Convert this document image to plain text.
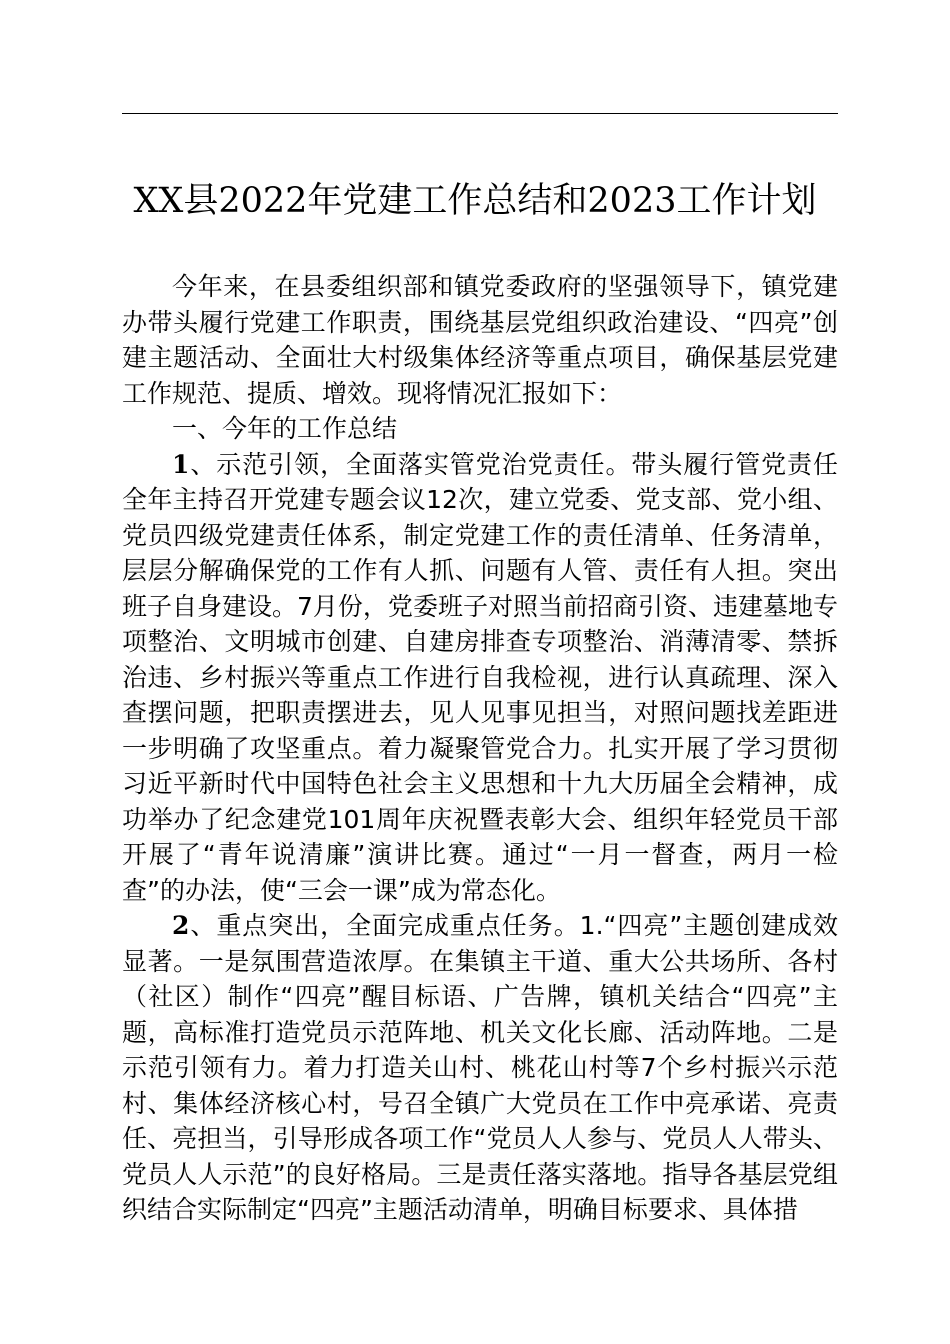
XX县2022年党建工作总结和2023工作计划

今年来，在县委组织部和镇党委政府的坚强领导下，镇党建办带头履行党建工作职责，围绕基层党组织政治建设、“四亮”创建主题活动、全面壮大村级集体经济等重点项目，确保基层党建工作规范、提质、增效。现将情况汇报如下：

一、今年的工作总结

1、示范引领，全面落实管党治党责任。带头履行管党责任全年主持召开党建专题会议12次，建立党委、党支部、党小组、党员四级党建责任体系，制定党建工作的责任清单、任务清单，层层分解确保党的工作有人抓、问题有人管、责任有人担。突出班子自身建设。7月份，党委班子对照当前招商引资、违建墓地专项整治、文明城市创建、自建房排查专项整治、消薄清零、禁拆治违、乡村振兴等重点工作进行自我检视，进行认真疏理、深入查摆问题，把职责摆进去，见人见事见担当，对照问题找差距进一步明确了攻坚重点。着力凝聚管党合力。扎实开展了学习贯彻习近平新时代中国特色社会主义思想和十九大历届全会精神，成功举办了纪念建党101周年庆祝暨表彰大会、组织年轻党员干部开展了“青年说清廉”演讲比赛。通过“一月一督查，两月一检查”的办法，使“三会一课”成为常态化。

2、重点突出，全面完成重点任务。1.“四亮”主题创建成效显著。一是氛围营造浓厚。在集镇主干道、重大公共场所、各村（社区）制作“四亮”醒目标语、广告牌，镇机关结合“四亮”主题，高标准打造党员示范阵地、机关文化长廊、活动阵地。二是示范引领有力。着力打造关山村、桃花山村等7个乡村振兴示范村、集体经济核心村，号召全镇广大党员在工作中亮承诺、亮责任、亮担当，引导形成各项工作“党员人人参与、党员人人带头、党员人人示范”的良好格局。三是责任落实落地。指导各基层党组织结合实际制定“四亮”主题活动清单，明确目标要求、具体措
